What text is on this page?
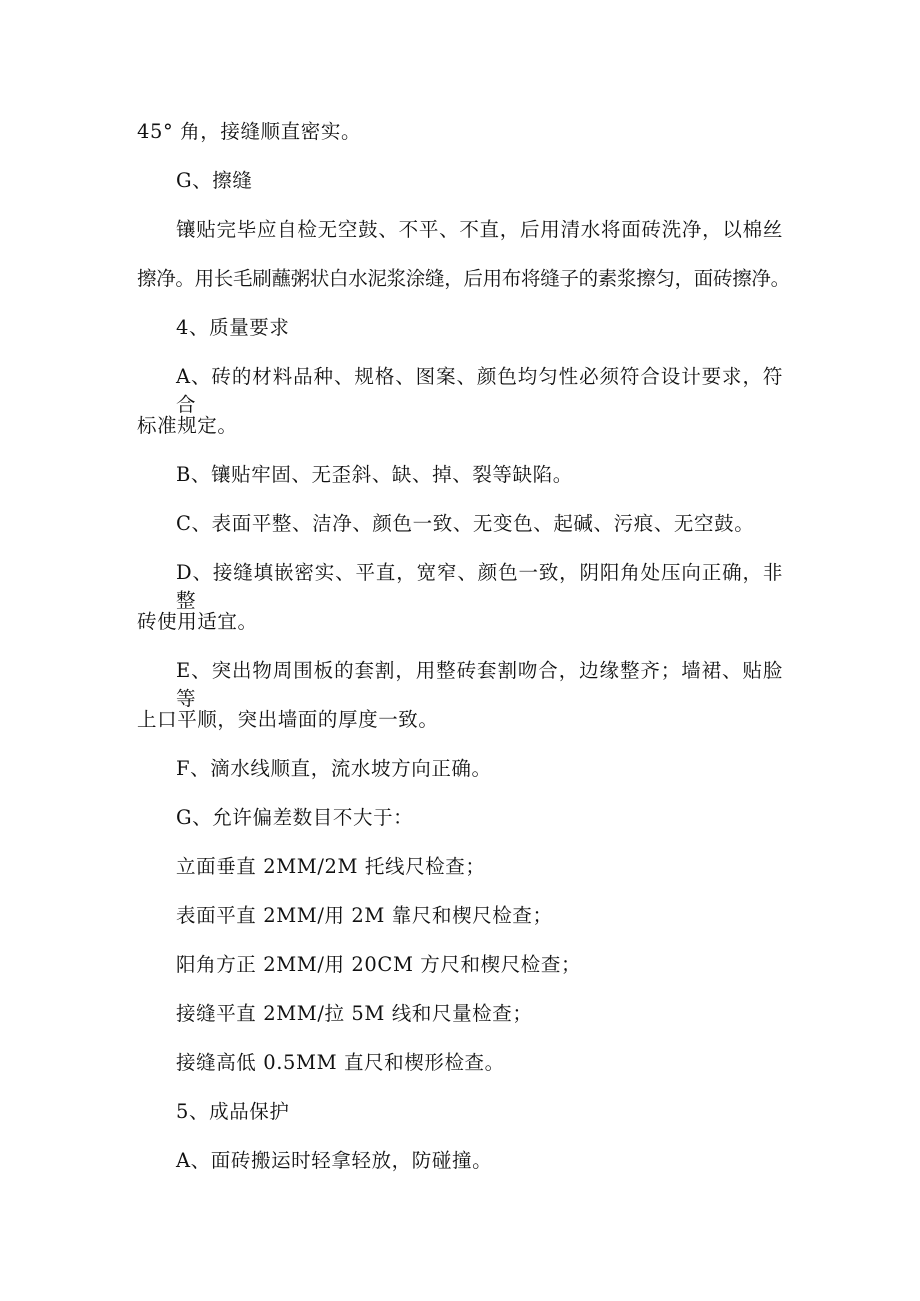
45° 角，接缝顺直密实。
G、擦缝
镶贴完毕应自检无空鼓、不平、不直，后用清水将面砖洗净，以棉丝
擦净。用长毛刷蘸粥状白水泥浆涂缝，后用布将缝子的素浆擦匀，面砖擦净。
4、质量要求
A、砖的材料品种、规格、图案、颜色均匀性必须符合设计要求，符合
标准规定。
B、镶贴牢固、无歪斜、缺、掉、裂等缺陷。
C、表面平整、洁净、颜色一致、无变色、起碱、污痕、无空鼓。
D、接缝填嵌密实、平直，宽窄、颜色一致，阴阳角处压向正确，非整
砖使用适宜。
E、突出物周围板的套割，用整砖套割吻合，边缘整齐；墙裙、贴脸等
上口平顺，突出墙面的厚度一致。
F、滴水线顺直，流水坡方向正确。
G、允许偏差数目不大于：
立面垂直 2MM/2M 托线尺检查；
表面平直 2MM/用 2M 靠尺和楔尺检查；
阳角方正 2MM/用 20CM 方尺和楔尺检查；
接缝平直 2MM/拉 5M 线和尺量检查；
接缝高低 0.5MM 直尺和楔形检查。
5、成品保护
A、面砖搬运时轻拿轻放，防碰撞。
